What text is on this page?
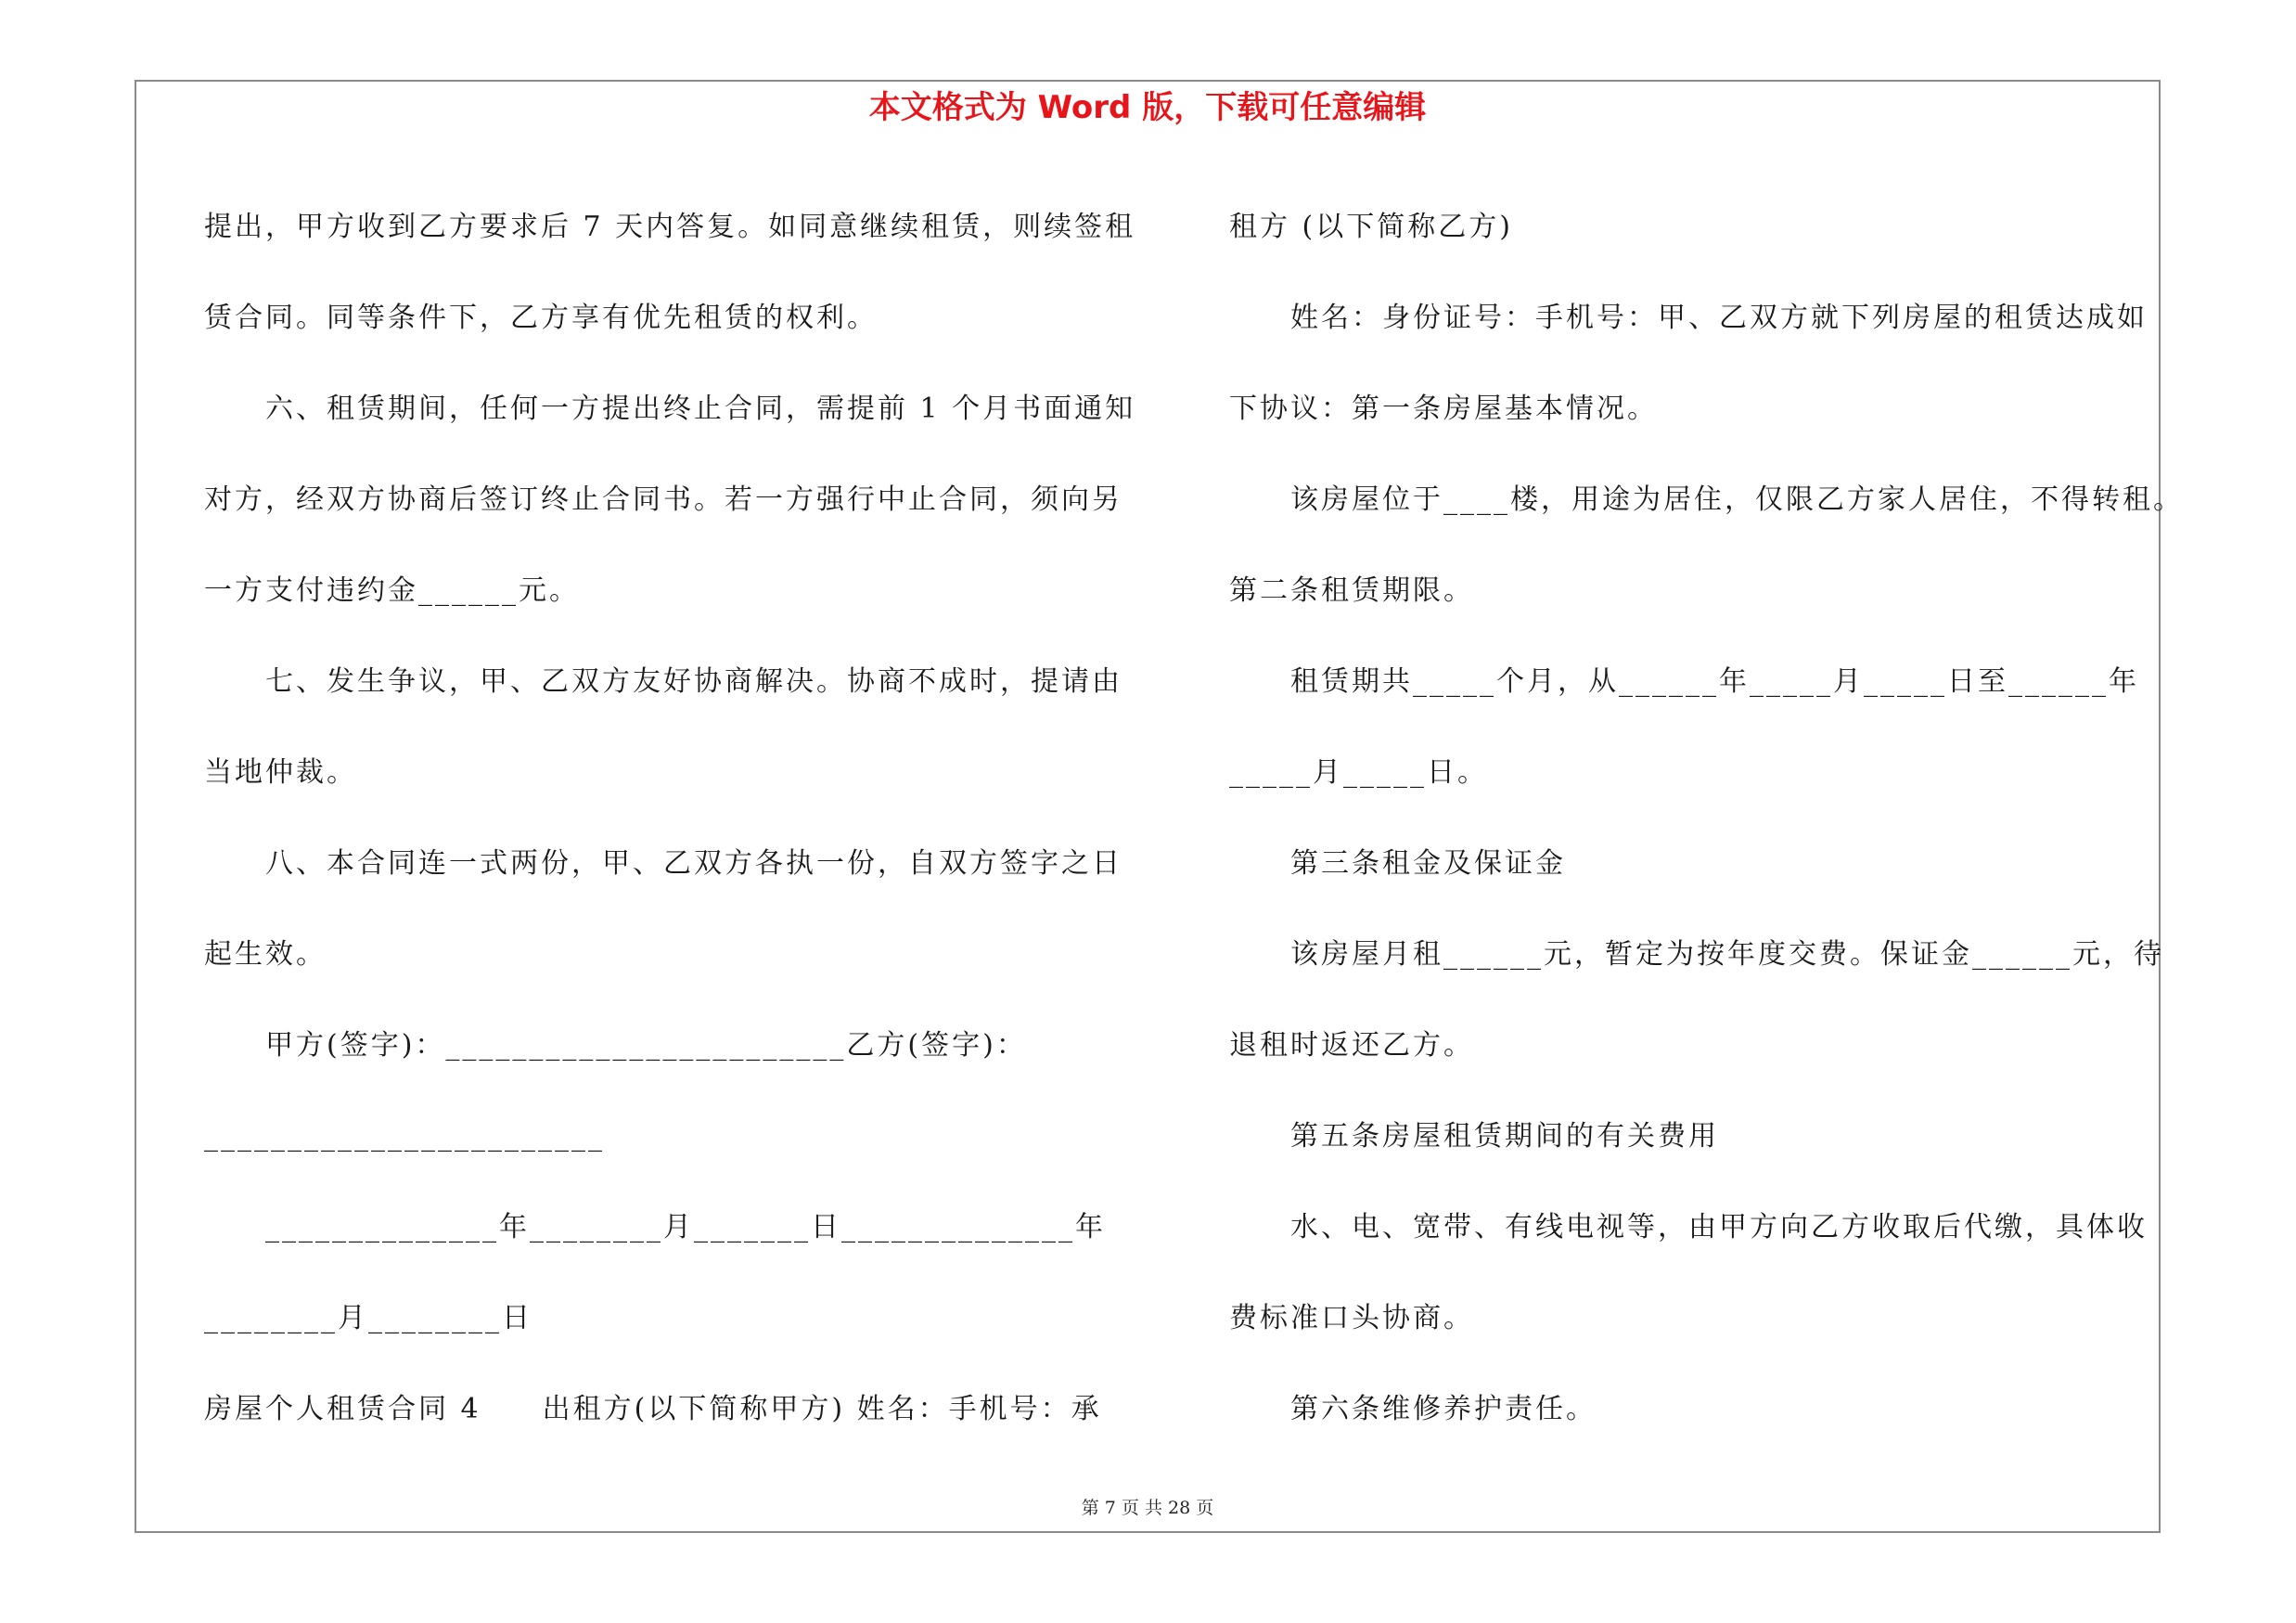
本文格式为 Word 版，下载可任意编辑
提出，甲方收到乙方要求后 7 天内答复。如同意继续租赁，则续签租
赁合同。同等条件下，乙方享有优先租赁的权利。
六、租赁期间，任何一方提出终止合同，需提前 1 个月书面通知
对方，经双方协商后签订终止合同书。若一方强行中止合同，须向另
一方支付违约金______元。
七、发生争议，甲、乙双方友好协商解决。协商不成时，提请由
当地仲裁。
八、本合同连一式两份，甲、乙双方各执一份，自双方签字之日
起生效。
甲方(签字)：________________________乙方(签字)：
________________________
______________年________月_______日______________年
________月________日
房屋个人租赁合同 4　　出租方(以下简称甲方) 姓名：手机号：承
租方 (以下简称乙方)
姓名：身份证号：手机号：甲、乙双方就下列房屋的租赁达成如
下协议：第一条房屋基本情况。
该房屋位于____楼，用途为居住，仅限乙方家人居住，不得转租。
第二条租赁期限。
租赁期共_____个月，从______年_____月_____日至______年
_____月_____日。
第三条租金及保证金
该房屋月租______元，暂定为按年度交费。保证金______元，待
退租时返还乙方。
第五条房屋租赁期间的有关费用
水、电、宽带、有线电视等，由甲方向乙方收取后代缴，具体收
费标准口头协商。
第六条维修养护责任。
第 7 页 共 28 页
